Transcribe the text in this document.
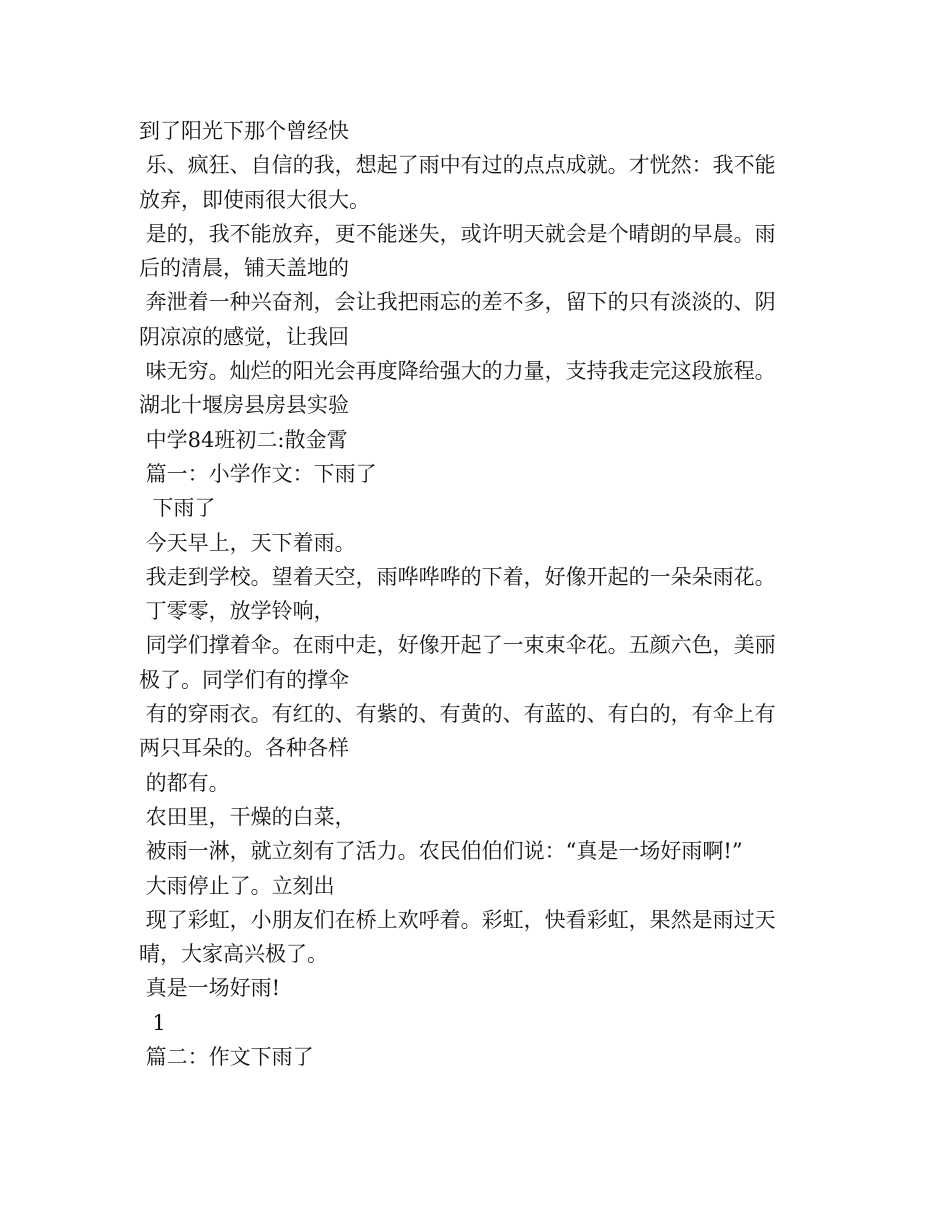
到了阳光下那个曾经快
乐、疯狂、自信的我，想起了雨中有过的点点成就。才恍然：我不能
放弃，即使雨很大很大。
是的，我不能放弃，更不能迷失，或许明天就会是个晴朗的早晨。雨
后的清晨，铺天盖地的
奔泄着一种兴奋剂，会让我把雨忘的差不多，留下的只有淡淡的、阴
阴凉凉的感觉，让我回
味无穷。灿烂的阳光会再度降给强大的力量，支持我走完这段旅程。
湖北十堰房县房县实验
中学84班初二:散金霄
篇一：小学作文：下雨了
下雨了
今天早上，天下着雨。
我走到学校。望着天空，雨哗哗哗的下着，好像开起的一朵朵雨花。
丁零零，放学铃响，
同学们撑着伞。在雨中走，好像开起了一束束伞花。五颜六色，美丽
极了。同学们有的撑伞
有的穿雨衣。有红的、有紫的、有黄的、有蓝的、有白的，有伞上有
两只耳朵的。各种各样
的都有。
农田里，干燥的白菜，
被雨一淋，就立刻有了活力。农民伯伯们说：“真是一场好雨啊!”
大雨停止了。立刻出
现了彩虹，小朋友们在桥上欢呼着。彩虹，快看彩虹，果然是雨过天
晴，大家高兴极了。
真是一场好雨!
1
篇二：作文下雨了
